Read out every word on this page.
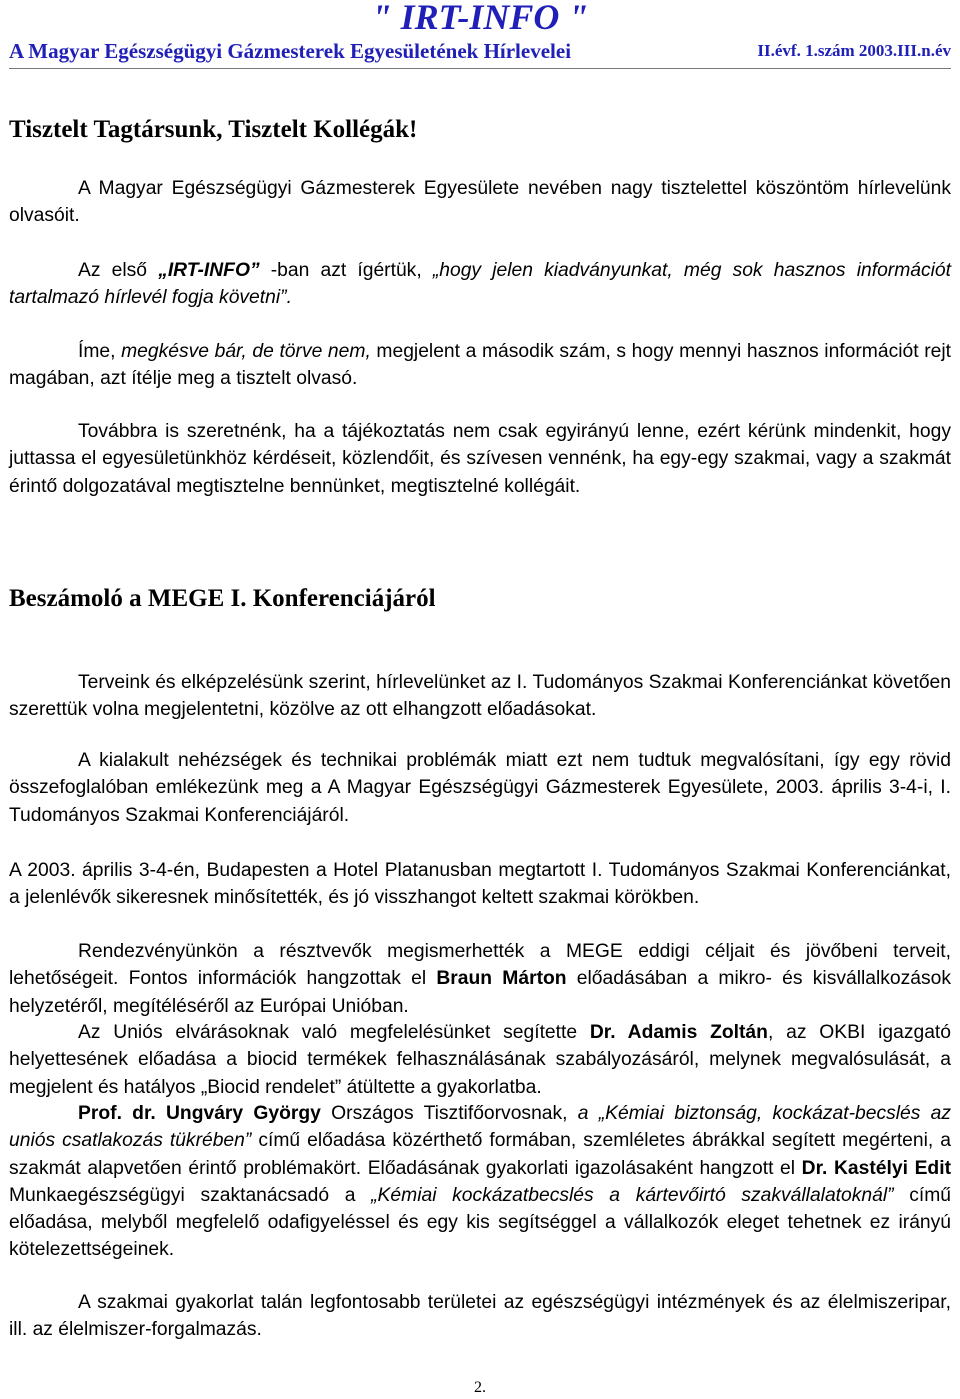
" IRT-INFO "
A Magyar Egészségügyi Gázmesterek Egyesületének Hírlevelei	II.évf. 1.szám 2003.III.n.év
Tisztelt Tagtársunk, Tisztelt Kollégák!
A Magyar Egészségügyi Gázmesterek Egyesülete nevében nagy tisztelettel köszöntöm hírlevelünk olvasóit.
Az első „IRT-INFO” -ban azt ígértük, „hogy jelen kiadványunkat, még sok hasznos információt tartalmazó hírlevél fogja követni”.
Íme, megkésve bár, de törve nem, megjelent a második szám, s hogy mennyi hasznos információt rejt magában, azt ítélje meg a tisztelt olvasó.
Továbbra is szeretnénk, ha a tájékoztatás nem csak egyirányú lenne, ezért kérünk mindenkit, hogy juttassa el egyesületünkhöz kérdéseit, közlendőit, és szívesen vennénk, ha egy-egy szakmai, vagy a szakmát érintő dolgozatával megtisztelne bennünket, megtisztelné kollégáit.
Beszámoló a MEGE I. Konferenciájáról
Terveink és elképzelésünk szerint, hírlevelünket az I. Tudományos Szakmai Konferenciánkat követően szerettük volna megjelentetni, közölve az ott elhangzott előadásokat.
A kialakult nehézségek és technikai problémák miatt ezt nem tudtuk megvalósítani, így egy rövid összefoglalóban emlékezünk meg a A Magyar Egészségügyi Gázmesterek Egyesülete, 2003. április 3-4-i, I. Tudományos Szakmai Konferenciájáról.
A 2003. április 3-4-én, Budapesten a Hotel Platanusban megtartott I. Tudományos Szakmai Konferenciánkat, a jelenlévők sikeresnek minősítették, és jó visszhangot keltett szakmai körökben.
Rendezvényünkön a résztvevők megismerhették a MEGE eddigi céljait és jövőbeni terveit, lehetőségeit. Fontos információk hangzottak el Braun Márton előadásában a mikro- és kisvállalkozások helyzetéről, megítéléséről az Európai Unióban.
Az Uniós elvárásoknak való megfelelésünket segítette Dr. Adamis Zoltán, az OKBI igazgató helyettesének előadása a biocid termékek felhasználásának szabályozásáról, melynek megvalósulását, a megjelent és hatályos „Biocid rendelet” átültette a gyakorlatba.
Prof. dr. Ungváry György Országos Tisztifőorvosnak, a „Kémiai biztonság, kockázat-becslés az uniós csatlakozás tükrében” című előadása közérthető formában, szemléletes ábrákkal segített megérteni, a szakmát alapvetően érintő problémakört. Előadásának gyakorlati igazolásaként hangzott el Dr. Kastélyi Edit Munkaegészségügyi szaktanácsadó a „Kémiai kockázatbecslés a kártevőirtó szakvállalatoknál” című előadása, melyből megfelelő odafigyeléssel és egy kis segítséggel a vállalkozók eleget tehetnek ez irányú kötelezettségeinek.
A szakmai gyakorlat talán legfontosabb területei az egészségügyi intézmények és az élelmiszeripar, ill. az élelmiszer-forgalmazás.
2.
